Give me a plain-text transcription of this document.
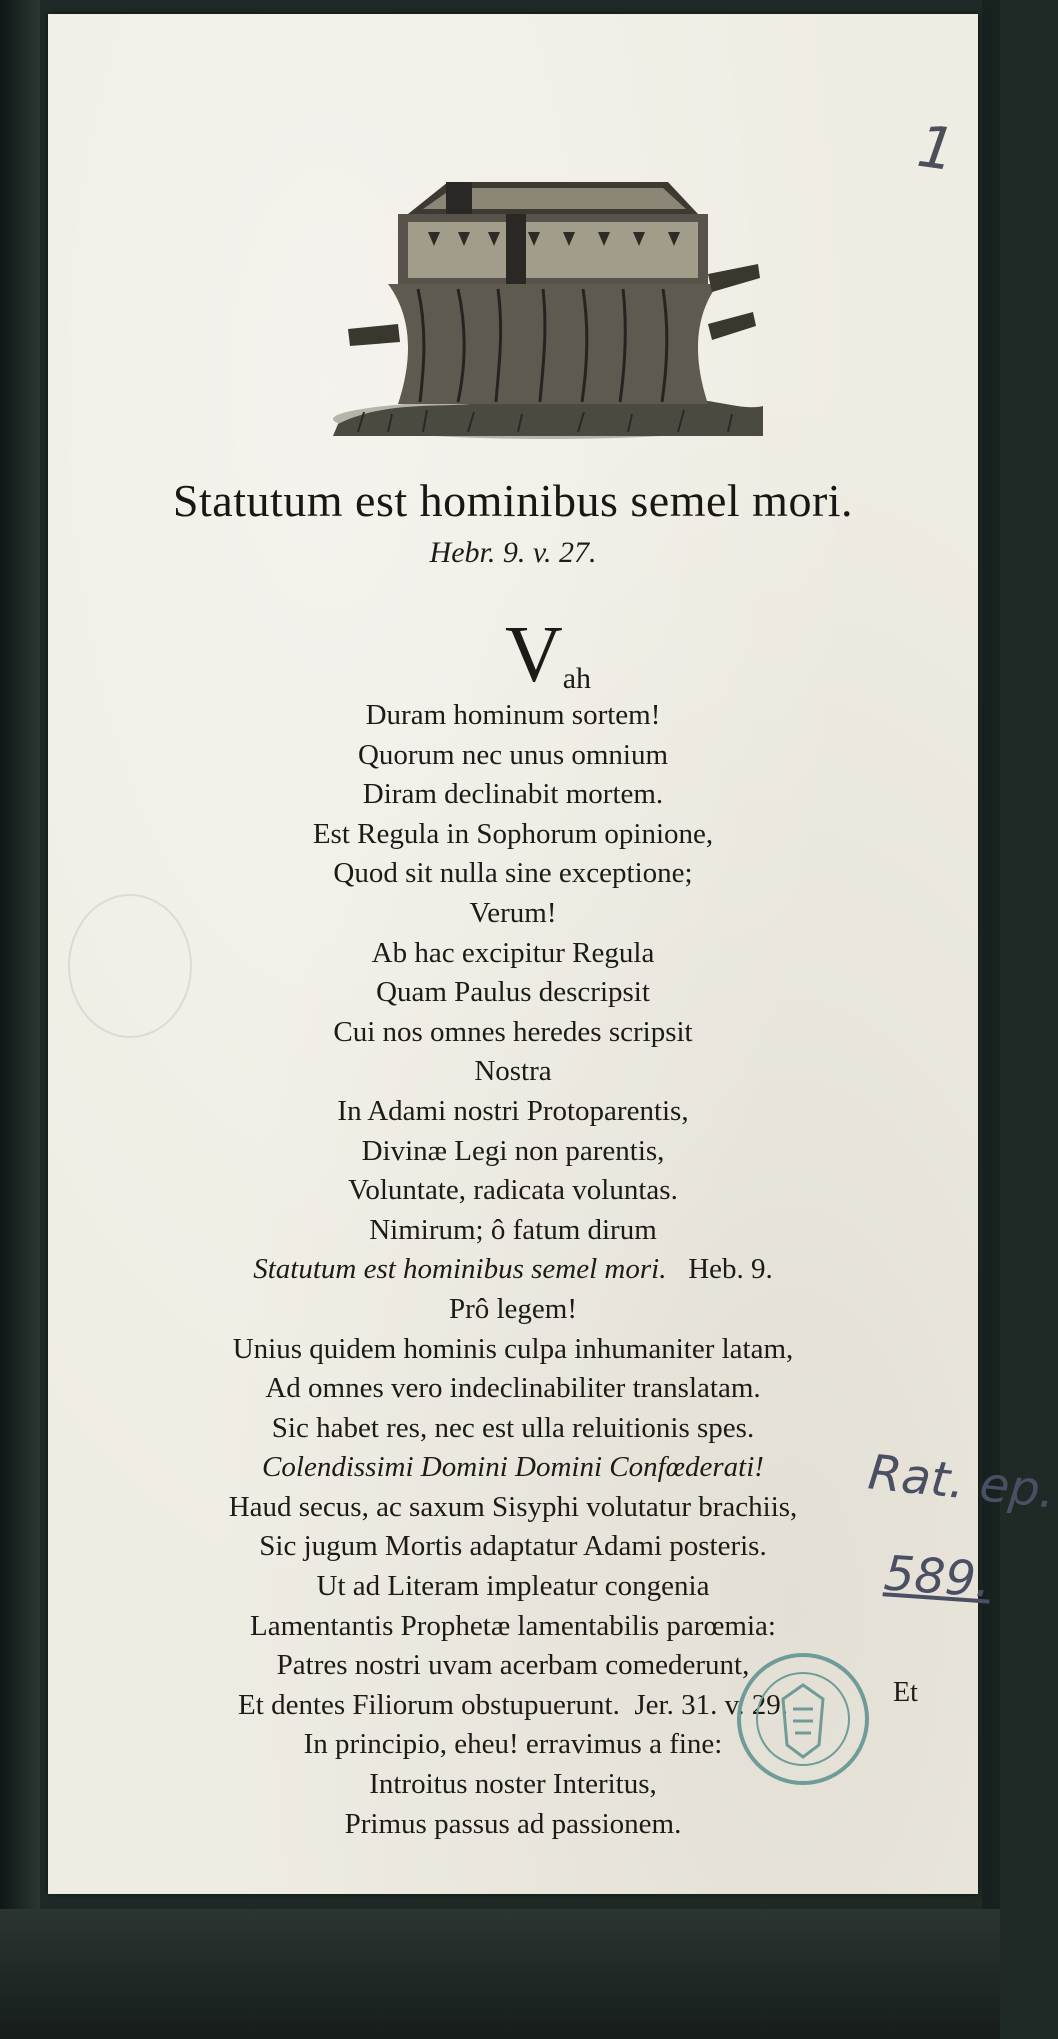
1
Statutum est hominibus semel mori.
Hebr. 9. v. 27.
Vah
Duram hominum sortem!
Quorum nec unus omnium
Diram declinabit mortem.
Est Regula in Sophorum opinione,
Quod sit nulla sine exceptione;
Verum!
Ab hac excipitur Regula
Quam Paulus descripsit
Cui nos omnes heredes scripsit
Nostra
In Adami nostri Protoparentis,
Divinæ Legi non parentis,
Voluntate, radicata voluntas.
Nimirum; ô fatum dirum
Statutum est hominibus semel mori.   Heb. 9.
Prô legem!
Unius quidem hominis culpa inhumaniter latam,
Ad omnes vero indeclinabiliter translatam.
Sic habet res, nec est ulla reluitionis spes.
Colendissimi Domini Domini Confœderati!
Haud secus, ac saxum Sisyphi volutatur brachiis,
Sic jugum Mortis adaptatur Adami posteris.
Ut ad Literam impleatur congenia
Lamentantis Prophetæ lamentabilis parœmia:
Patres nostri uvam acerbam comederunt,
Et dentes Filiorum obstupuerunt.  Jer. 31. v. 29.
In principio, eheu! erravimus a fine:
Introitus noster Interitus,
Primus passus ad passionem.
Et
Rat. ep.
589.
